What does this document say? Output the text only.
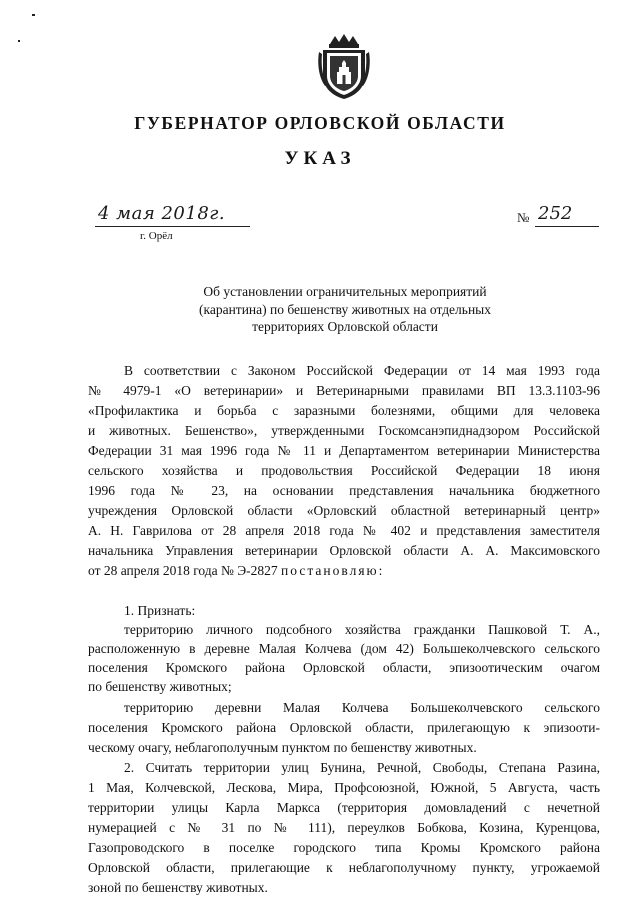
ГУБЕРНАТОР ОРЛОВСКОЙ ОБЛАСТИ
УКАЗ
4 мая 2018г.
г. Орёл
№ 252
Об установлении ограничительных мероприятий
(карантина) по бешенству животных на отдельных
территориях Орловской области
В соответствии с Законом Российской Федерации от 14 мая 1993 года
№ 4979-1 «О ветеринарии» и Ветеринарными правилами ВП 13.3.1103-96
«Профилактика и борьба с заразными болезнями, общими для человека
и животных. Бешенство», утвержденными Госкомсанэпиднадзором Российской
Федерации 31 мая 1996 года № 11 и Департаментом ветеринарии Министерства
сельского хозяйства и продовольствия Российской Федерации 18 июня
1996 года № 23, на основании представления начальника бюджетного
учреждения Орловской области «Орловский областной ветеринарный центр»
А. Н. Гаврилова от 28 апреля 2018 года № 402 и представления заместителя
начальника Управления ветеринарии Орловской области А. А. Максимовского
от 28 апреля 2018 года № Э-2827 постановляю:
1. Признать:
территорию личного подсобного хозяйства гражданки Пашковой Т. А.,
расположенную в деревне Малая Колчева (дом 42) Большеколчевского сельского
поселения Кромского района Орловской области, эпизоотическим очагом
по бешенству животных;
территорию деревни Малая Колчева Большеколчевского сельского
поселения Кромского района Орловской области, прилегающую к эпизооти-
ческому очагу, неблагополучным пунктом по бешенству животных.
2. Считать территории улиц Бунина, Речной, Свободы, Степана Разина,
1 Мая, Колчевской, Лескова, Мира, Профсоюзной, Южной, 5 Августа, часть
территории улицы Карла Маркса (территория домовладений с нечетной
нумерацией с № 31 по № 111), переулков Бобкова, Козина, Куренцова,
Газопроводского в поселке городского типа Кромы Кромского района
Орловской области, прилегающие к неблагополучному пункту, угрожаемой
зоной по бешенству животных.
